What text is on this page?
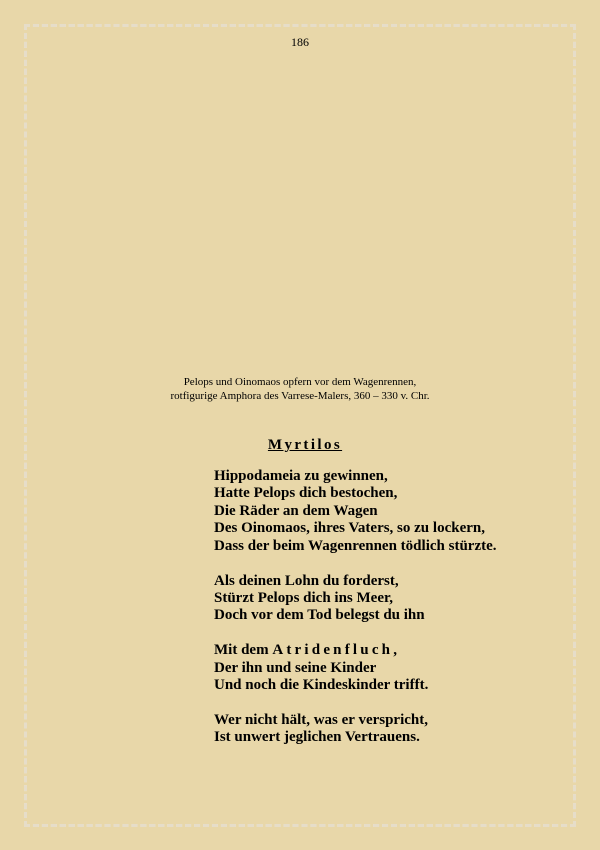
186
Pelops und Oinomaos opfern vor dem Wagenrennen,
rotfigurige Amphora des Varrese-Malers, 360 – 330 v. Chr.
Myrtilos
Hippodameia zu gewinnen,
Hatte Pelops dich bestochen,
Die Räder an dem Wagen
Des Oinomaos, ihres Vaters, so zu lockern,
Dass der beim Wagenrennen tödlich stürzte.
Als deinen Lohn du forderst,
Stürzt Pelops dich ins Meer,
Doch vor dem Tod belegst du ihn
Mit dem Atridenfluch,
Der ihn und seine Kinder
Und noch die Kindeskinder trifft.
Wer nicht hält, was er verspricht,
Ist unwert jeglichen Vertrauens.
